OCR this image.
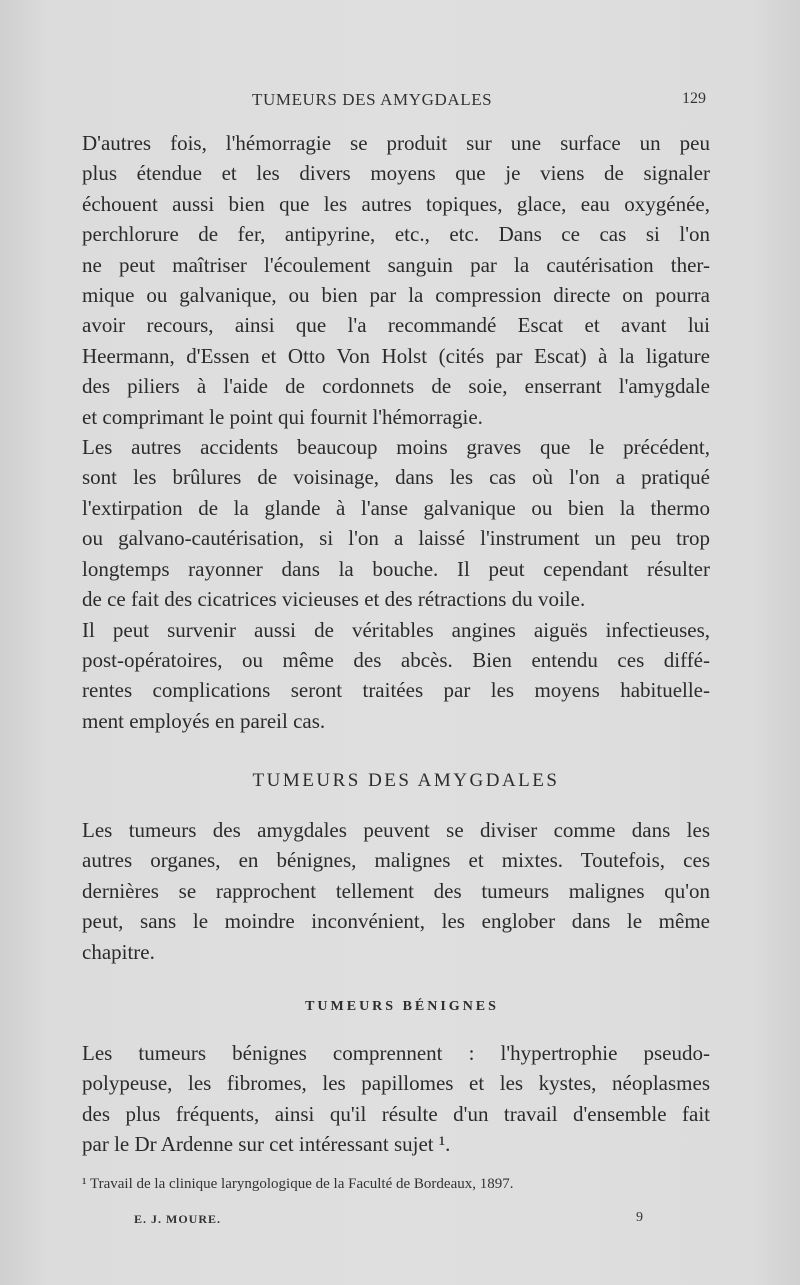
TUMEURS DES AMYGDALES	129

D'autres fois, l'hémorragie se produit sur une surface un peu
plus étendue et les divers moyens que je viens de signaler
échouent aussi bien que les autres topiques, glace, eau oxygénée,
perchlorure de fer, antipyrine, etc., etc. Dans ce cas si l'on
ne peut maîtriser l'écoulement sanguin par la cautérisation ther-
mique ou galvanique, ou bien par la compression directe on pourra
avoir recours, ainsi que l'a recommandé Escat et avant lui
Heermann, d'Essen et Otto Von Holst (cités par Escat) à la ligature
des piliers à l'aide de cordonnets de soie, enserrant l'amygdale
et comprimant le point qui fournit l'hémorragie.

Les autres accidents beaucoup moins graves que le précédent,
sont les brûlures de voisinage, dans les cas où l'on a pratiqué
l'extirpation de la glande à l'anse galvanique ou bien la thermo
ou galvano-cautérisation, si l'on a laissé l'instrument un peu trop
longtemps rayonner dans la bouche. Il peut cependant résulter
de ce fait des cicatrices vicieuses et des rétractions du voile.

Il peut survenir aussi de véritables angines aiguës infectieuses,
post-opératoires, ou même des abcès. Bien entendu ces diffé-
rentes complications seront traitées par les moyens habituelle-
ment employés en pareil cas.

TUMEURS DES AMYGDALES

Les tumeurs des amygdales peuvent se diviser comme dans les
autres organes, en bénignes, malignes et mixtes. Toutefois, ces
dernières se rapprochent tellement des tumeurs malignes qu'on
peut, sans le moindre inconvénient, les englober dans le même
chapitre.

TUMEURS BÉNIGNES

Les tumeurs bénignes comprennent : l'hypertrophie pseudo-
polypeuse, les fibromes, les papillomes et les kystes, néoplasmes
des plus fréquents, ainsi qu'il résulte d'un travail d'ensemble fait
par le Dr Ardenne sur cet intéressant sujet ¹.

¹ Travail de la clinique laryngologique de la Faculté de Bordeaux, 1897.
E. J. MOURE.	9
